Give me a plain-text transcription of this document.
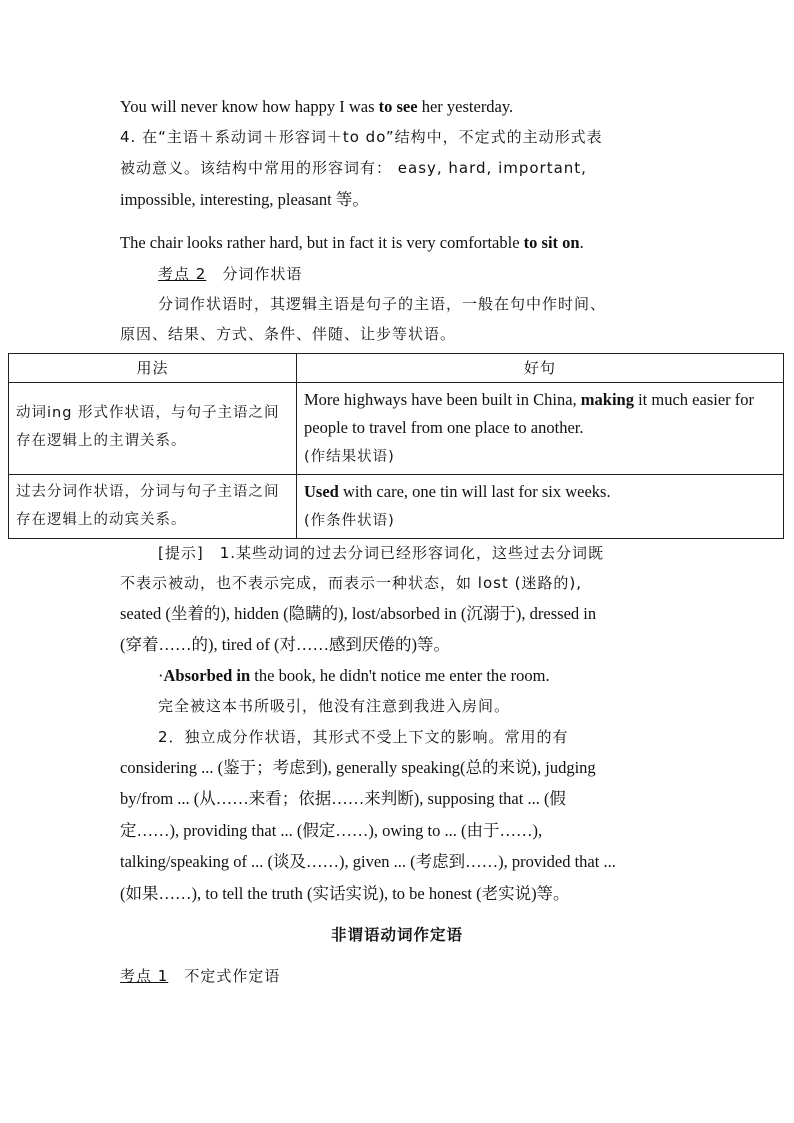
You will never know how happy I was to see her yesterday.
4. 在“主语＋系动词＋形容词＋to do”结构中，不定式的主动形式表
被动意义。该结构中常用的形容词有： easy, hard, important,
impossible, interesting, pleasant 等。
The chair looks rather hard, but in fact it is very comfortable to sit on.
考点 2　 分词作状语
分词作状语时，其逻辑主语是句子的主语，一般在句中作时间、
原因、结果、方式、条件、伴随、让步等状语。
用法	好句
动词ing 形式作状语，与句子主语之间存在逻辑上的主谓关系。	More highways have been built in China, making it much easier for people to travel from one place to another.
(作结果状语)
过去分词作状语，分词与句子主语之间存在逻辑上的动宾关系。	Used with care, one tin will last for six weeks.
(作条件状语)
[提示]　1.某些动词的过去分词已经形容词化，这些过去分词既
不表示被动，也不表示完成，而表示一种状态，如 lost (迷路的),
seated (坐着的), hidden (隐瞒的), lost/absorbed in (沉溺于), dressed in
(穿着……的), tired of (对……感到厌倦的)等。
·Absorbed in the book, he didn't notice me enter the room.
完全被这本书所吸引，他没有注意到我进入房间。
2．独立成分作状语，其形式不受上下文的影响。常用的有
considering ... (鉴于；考虑到), generally speaking(总的来说), judging
by/from ... (从……来看；依据……来判断), supposing that ... (假
定……), providing that ... (假定……), owing to ... (由于……),
talking/speaking of ... (谈及……), given ... (考虑到……), provided that ...
(如果……), to tell the truth (实话实说), to be honest (老实说)等。
非谓语动词作定语
考点 1　 不定式作定语
